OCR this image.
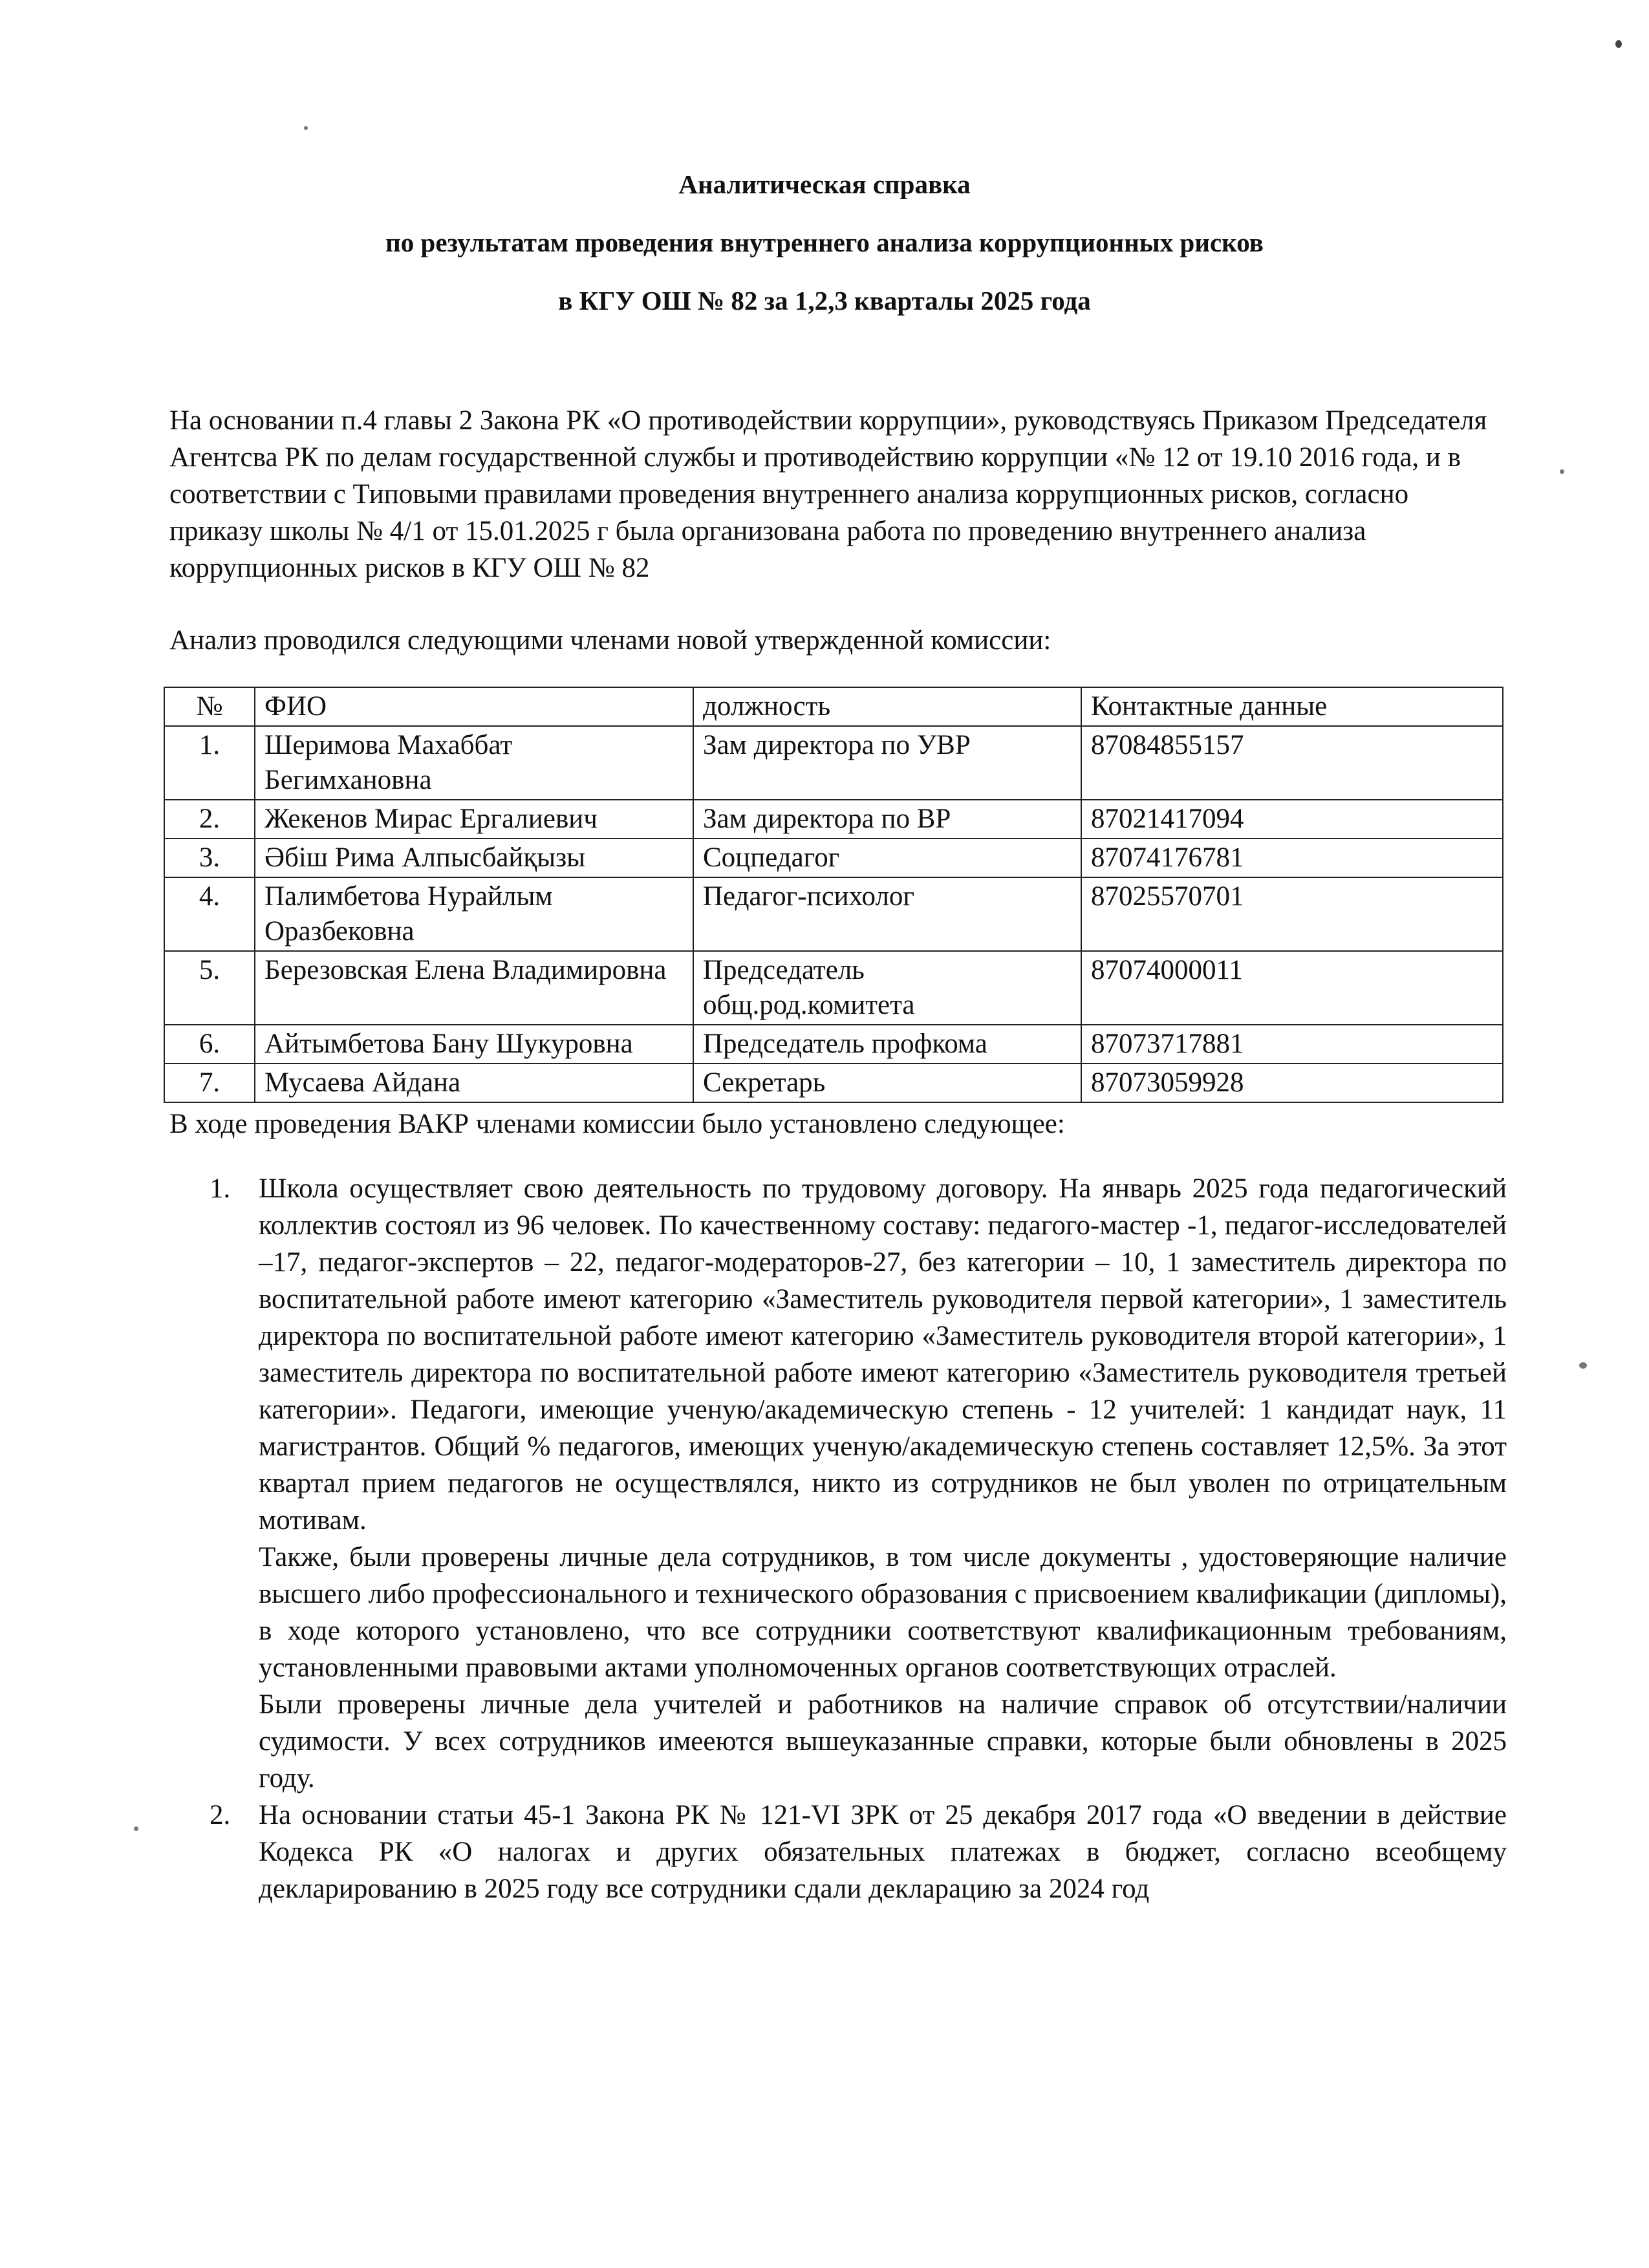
Аналитическая справка
по результатам проведения внутреннего анализа коррупционных рисков
в КГУ ОШ № 82 за 1,2,3 кварталы 2025 года

На основании п.4 главы 2 Закона РК «О противодействии коррупции», руководствуясь Приказом Председателя Агентсва РК по делам государственной службы и противодействию коррупции «№ 12 от 19.10 2016 года, и в соответствии с Типовыми правилами проведения внутреннего анализа коррупционных рисков, согласно приказу школы № 4/1 от 15.01.2025 г была организована работа по проведению внутреннего анализа коррупционных рисков в КГУ ОШ № 82

Анализ проводился следующими членами новой утвержденной комиссии:

№	ФИО	должность	Контактные данные
1.	Шеримова Махаббат Бегимхановна	Зам директора по УВР	87084855157
2.	Жекенов Мирас Ергалиевич	Зам директора по ВР	87021417094
3.	Әбіш Рима Алпысбайқызы	Соцпедагог	87074176781
4.	Палимбетова Нурайлым Оразбековна	Педагог-психолог	87025570701
5.	Березовская Елена Владимировна	Председатель общ.род.комитета	87074000011
6.	Айтымбетова Бану Шукуровна	Председатель профкома	87073717881
7.	Мусаева Айдана	Секретарь	87073059928

В ходе проведения ВАКР членами комиссии было установлено следующее:

1. Школа осуществляет свою деятельность по трудовому договору. На январь 2025 года педагогический коллектив состоял из 96 человек. По качественному составу: педагого-мастер -1, педагог-исследователей –17, педагог-экспертов – 22, педагог-модераторов-27, без категории – 10, 1 заместитель директора по воспитательной работе имеют категорию «Заместитель руководителя первой категории», 1 заместитель директора по воспитательной работе имеют категорию «Заместитель руководителя второй категории», 1 заместитель директора по воспитательной работе имеют категорию «Заместитель руководителя третьей категории». Педагоги, имеющие ученую/академическую степень - 12 учителей: 1 кандидат наук, 11 магистрантов. Общий % педагогов, имеющих ученую/академическую степень составляет 12,5%. За этот квартал прием педагогов не осуществлялся, никто из сотрудников не был уволен по отрицательным мотивам.

Также, были проверены личные дела сотрудников, в том числе документы , удостоверяющие наличие высшего либо профессионального и технического образования с присвоением квалификации (дипломы), в ходе которого установлено, что все сотрудники соответствуют квалификационным требованиям, установленными правовыми актами уполномоченных органов соответствующих отраслей.

Были проверены личные дела учителей и работников на наличие справок об отсутствии/наличии судимости. У всех сотрудников имееются вышеуказанные справки, которые были обновлены в 2025 году.

2. На основании статьи 45-1 Закона РК № 121-VI ЗРК от 25 декабря 2017 года «О введении в действие Кодекса РК «О налогах и других обязательных платежах в бюджет, согласно всеобщему декларированию в 2025 году все сотрудники сдали декларацию за 2024 год
